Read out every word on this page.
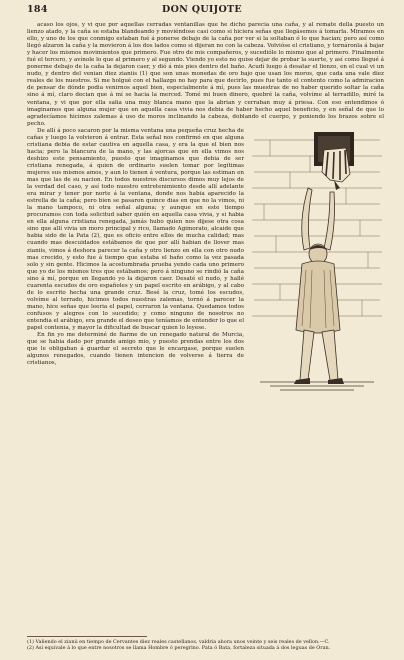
DON QUIJOTE
184

acaso los ojos, y vi que por aquellas cerradas ventanillas que he dicho parecia una caña, y al remate della puesto un lienzo atado, y la caña se estaba blandeando y moviéndose casi como si hiciera señas que llegásemos á tomarla. Miramos en ello, y uno de los que conmigo estaban fué á ponerse debajo de la caña por ver si la soltaban ó lo que hacian; pero así como llegó alzaron la caña y la movieron á los dos lados como si dijeran no con la cabeza. Volvióse el cristiano, y tornáronla á bajar y hacer los mismos movimientos que primero. Fue otro de mis compañeros, y sucedióle lo mismo que al primero. Finalmente fué el tercero, y avínole lo que al primero y al segundo. Viendo yo esto no quise dejar de probar la suerte, y así como llegué á ponerme debajo de la caña la dejaron caer, y dió á mis pies dentro del baño. Acudí luego á desatar el lienzo, en el cual vi un nudo, y dentro del venian diez zianiis (1) que son unas monedas de oro bajo que usan los moros, que cada una vale diez reales de los nuestros. Si me holgué con el hallazgo no hay para que decirlo, pues fue tanto el contento como la admiracion de pensar de dónde podia venirnos aquel bien, especialmente á mí, pues las muestras de no haber querido soltar la caña sino á mí, claro decian que á mí se hacia la merced. Tomé mi buen dinero, quebré la caña, volvíme al terradillo, miré la ventana, y vi que por ella salia una muy blanca mano que la abrian y cerraban muy á priesa. Con eso entendimos ó imaginamos que alguna mujer que en aquella casa vivia nos debia de haber hecho aquel beneficio, y en señal de que lo agradecíamos hicimos zalemas á uso de moros inclinando la cabeza, doblando el cuerpo, y poniendo los brazos sobre el pecho.

De allí á poco sacaron por la misma ventana una pequeña cruz hecha de cañas y luego la volvieron á entrar. Esta señal nos confirmó en que alguna cristiana debia de estar cautiva en aquella casa, y era la que el bien nos hacia; pero la blancura de la mano, y las ajorcas que en ella vimos nos deshizo este pensamiento, puesto que imaginamos que debia de ser cristiana renegada, á quien de ordinario suelen tomar por legítimas mujeres sus mismos amos, y aun lo tienen á ventura, porque las estiman en mas que las de su nacion. En todos nuestros discursos dimos muy lejos de la verdad del caso, y así todo nuestro entretenimiento desde allí adelante era mirar y tener por norte á la ventana, donde nos habia aparecido la estrella de la caña; pero bien se pasaron quince dias en que no la vimos, ni la mano tampoco, ni otra señal alguna; y aunque en este tiempo procuramos con toda solicitud saber quién en aquella casa vivia, y si habia en ella alguna cristiana renegada, jamás hubo quien nos dijese otra cosa sino que allí vivia un moro principal y rico, llamado Agimorato, alcaide que habia sido de la Pata (2), que es oficio entre ellos de mucha calidad; mas cuando mas descuidados estábamos de que por allí habian de llover mas zianiis, vimos á deshora parecer la caña y otro lienzo en ella con otro nudo mas crecido, y esto fue á tiempo que estaba el baño como la vez pasada solo y sin gente. Hicimos la acostumbrada prueba yendo cada uno primero que yo de los mismos tres que estábamos; pero á ninguno se rindió la caña sino á mí, porque en llegando yo la dejaron caer. Desaté el nudo, y hallé cuarenta escudos de oro españoles y un papel escrito en arábigo, y al cabo de lo escrito hecha una grande cruz. Besé la cruz, tomé los escudos, volvíme al terrado, hicimos todos nuestras zalemas, tornó á parecer la mano, hice señas que leeria el papel, cerraron la ventana. Quedamos todos confusos y alegres con lo sucedido; y como ninguno de nosotros no entendia el arábigo, era grande el deseo que teníamos de entender lo que el papel contenia, y mayor la dificultad de buscar quien lo leyese.

En fin yo me determiné de fiarme de un renegado natural de Murcia, que se habia dado por grande amigo mio, y puesto prendas entre los dos que le obligaban á guardar el secreto que le encargase, porque suelen algunos renegados, cuando tienen intencion de volverse á tierra de cristianos,

(1) Valiendo el zianii en tiempo de Cervantes diez reales castellanos, valdria ahora unos veinte y seis reales de vellon.—C.

(2) Así equivale á lo que entre nosotros se llama Hombre ó peregrino. Pata ó Bata, fortaleza situada á dos leguas de Oran.
